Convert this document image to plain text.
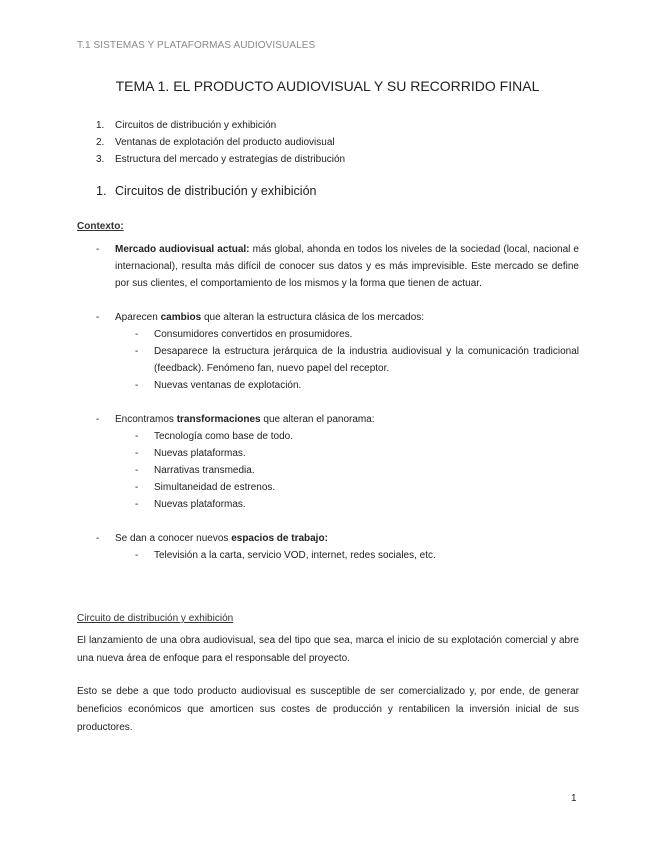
T.1 SISTEMAS Y PLATAFORMAS AUDIOVISUALES
TEMA 1. EL PRODUCTO AUDIOVISUAL Y SU RECORRIDO FINAL
1.	Circuitos de distribución y exhibición
2.	Ventanas de explotación del producto audiovisual
3.	Estructura del mercado y estrategias de distribución
1. Circuitos de distribución y exhibición
Contexto:
- Mercado audiovisual actual: más global, ahonda en todos los niveles de la sociedad (local, nacional e internacional), resulta más difícil de conocer sus datos y es más imprevisible. Este mercado se define por sus clientes, el comportamiento de los mismos y la forma que tienen de actuar.
- Aparecen cambios que alteran la estructura clásica de los mercados:
- Consumidores convertidos en prosumidores.
- Desaparece la estructura jerárquica de la industria audiovisual y la comunicación tradicional (feedback). Fenómeno fan, nuevo papel del receptor.
- Nuevas ventanas de explotación.
- Encontramos transformaciones que alteran el panorama:
- Tecnología como base de todo.
- Nuevas plataformas.
- Narrativas transmedia.
- Simultaneidad de estrenos.
- Nuevas plataformas.
- Se dan a conocer nuevos espacios de trabajo:
- Televisión a la carta, servicio VOD, internet, redes sociales, etc.
Circuito de distribución y exhibición

El lanzamiento de una obra audiovisual, sea del tipo que sea, marca el inicio de su explotación comercial y abre una nueva área de enfoque para el responsable del proyecto.

Esto se debe a que todo producto audiovisual es susceptible de ser comercializado y, por ende, de generar beneficios económicos que amorticen sus costes de producción y rentabilicen la inversión inicial de sus productores.

1
